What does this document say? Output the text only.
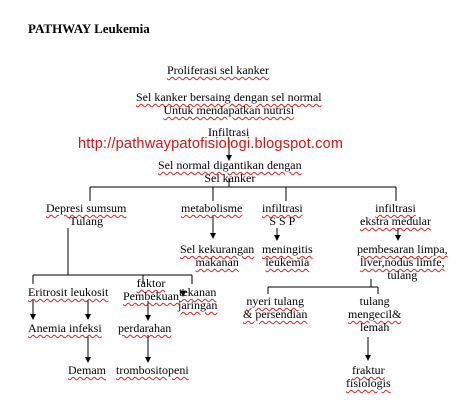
PATHWAY Leukemia
Proliferasi sel kanker
Sel kanker bersaing dengan sel normal
Untuk mendapatkan nutrisi
Infiltrasi
http://pathwaypatofisiologi.blogspot.com
Sel normal digantikan dengan
Sel kanker
Depresi sumsum
Tulang
metabolisme infiltrasi
S S P
infiltrasi
ekstra medular
Sel kekurangan
makanan
meningitis
leukemia
pembesaran limpa,
liver,nodus limfe,
tulang
Eritrosit leukosit
faktor
Pembekuan tekanan
jaringan nyeri tulang
& persendian
tulang
mengecil&
lemah
Anemia infeksi perdarahan
Demam trombositopeni	fraktur
fisiologis
